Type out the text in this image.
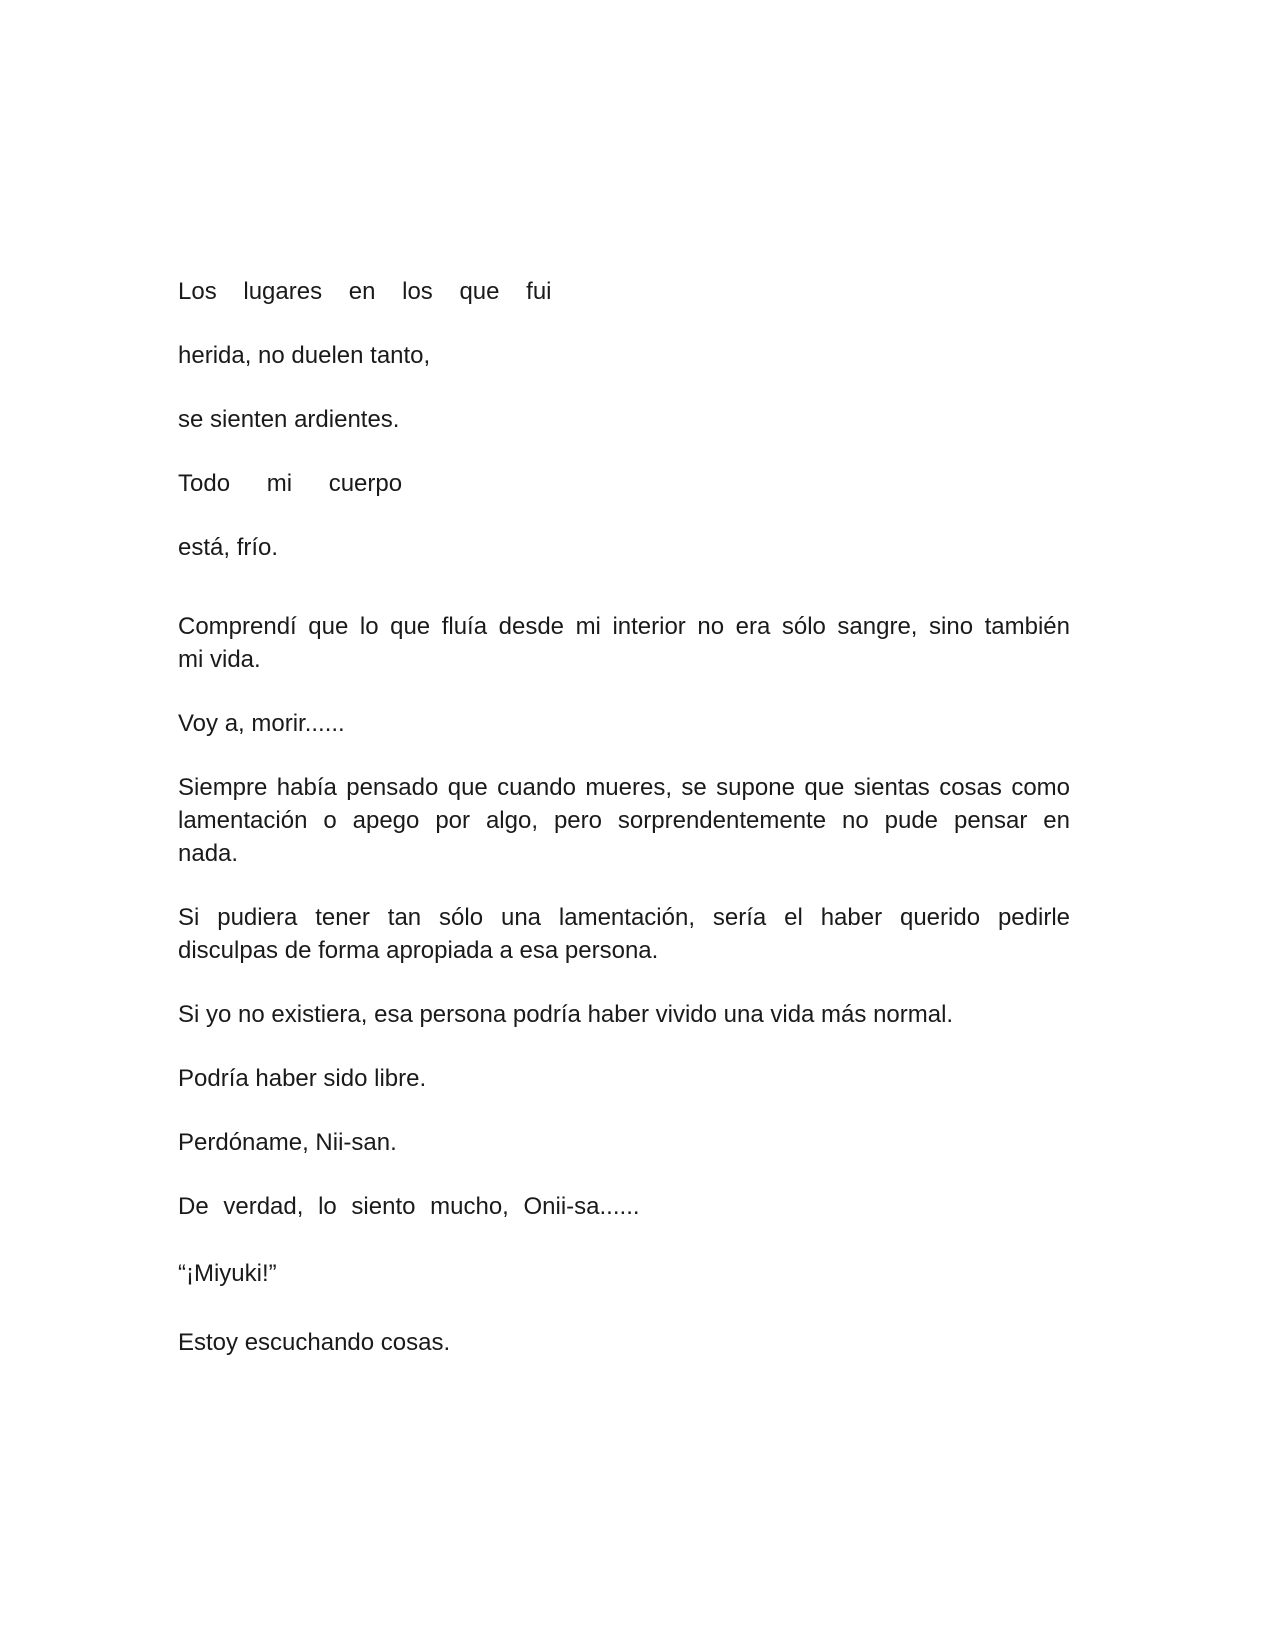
Los lugares en los que fui
herida, no duelen tanto,
se sienten ardientes.
Todo mi cuerpo
está, frío.
Comprendí que lo que fluía desde mi interior no era sólo sangre, sino también
mi vida.
Voy a, morir......
Siempre había pensado que cuando mueres, se supone que sientas cosas como
lamentación o apego por algo, pero sorprendentemente no pude pensar en
nada.
Si pudiera tener tan sólo una lamentación, sería el haber querido pedirle
disculpas de forma apropiada a esa persona.
Si yo no existiera, esa persona podría haber vivido una vida más normal.
Podría haber sido libre.
Perdóname, Nii-san.
De verdad, lo siento mucho, Onii-sa......
“¡Miyuki!”
Estoy escuchando cosas.
